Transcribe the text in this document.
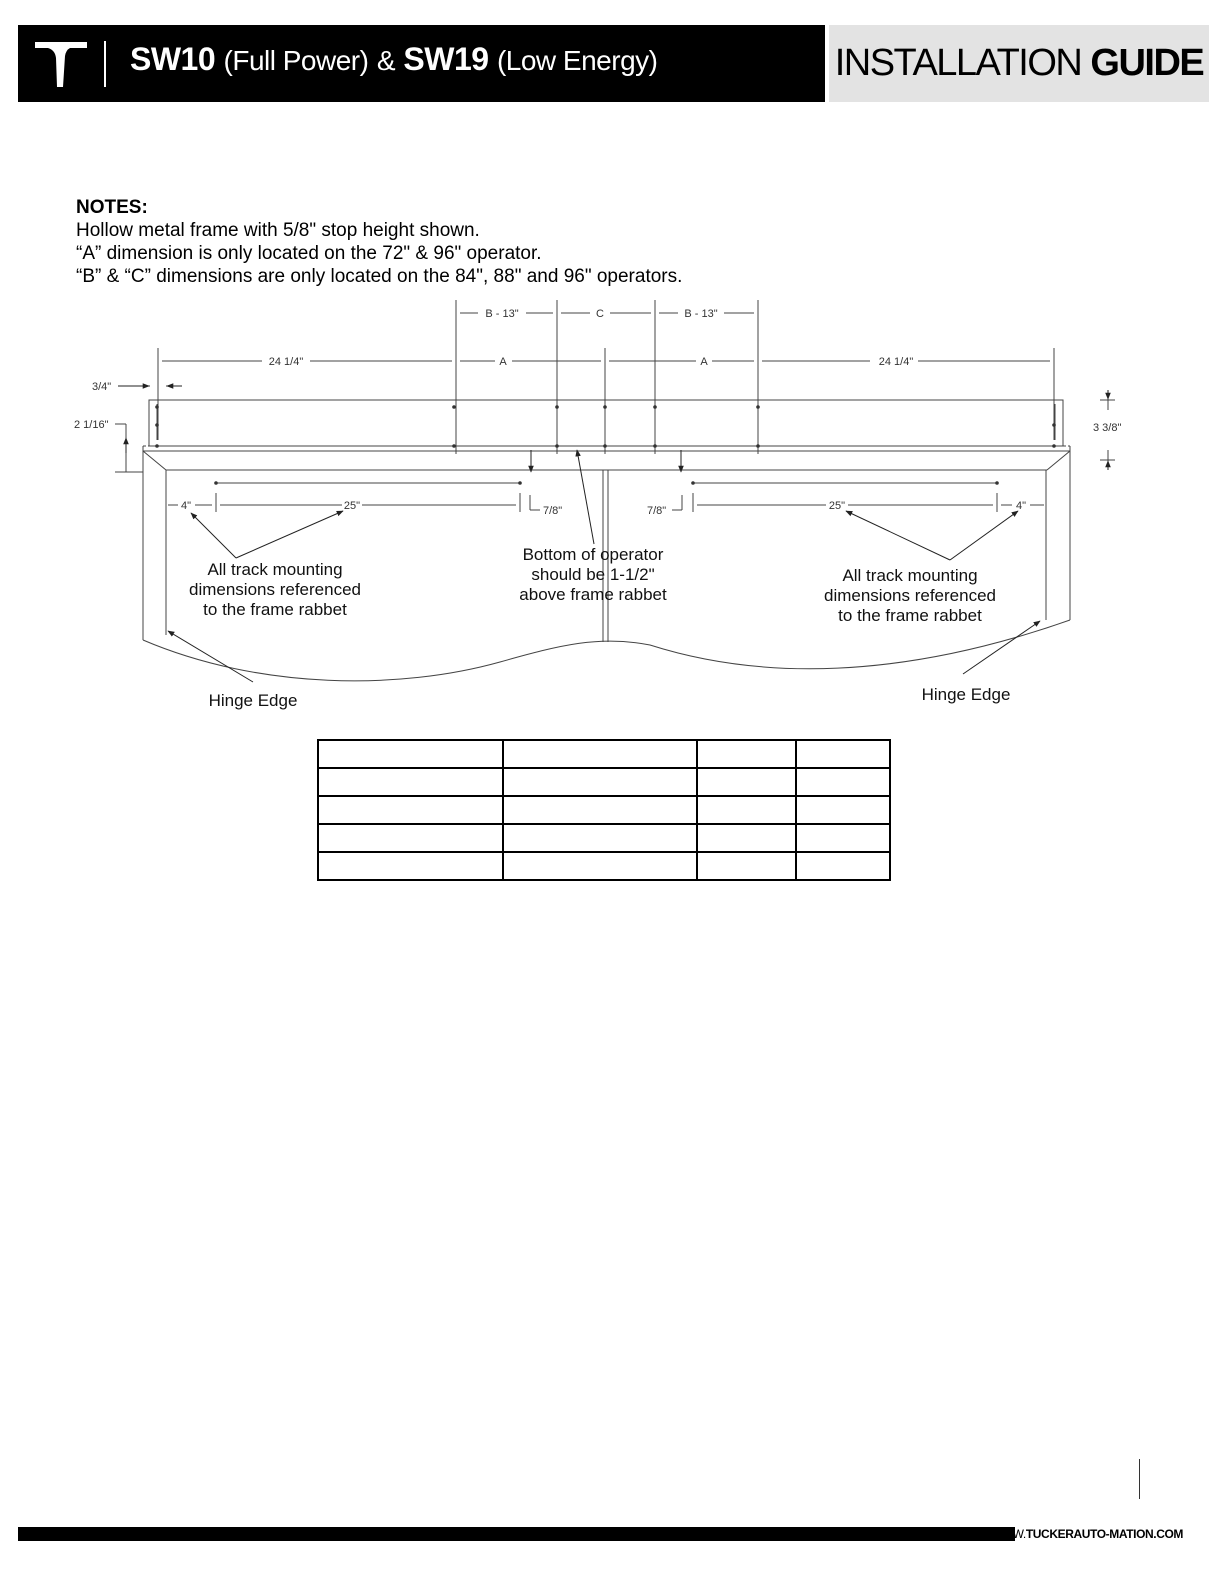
SW10 (Full Power) & SW19 (Low Energy)	INSTALLATION GUIDE
NOTES:
Hollow metal frame with 5/8" stop height shown.
“A” dimension is only located on the 72" & 96" operator.
“B” & “C” dimensions are only located on the 84", 88" and 96" operators.
B - 13"	C	B - 13"
24 1/4"	A	A	24 1/4"
3/4"
2 1/16"	3 3/8"
4"	25"	7/8"	7/8"	25"	4"
All track mounting
dimensions referenced
to the frame rabbet
Bottom of operator
should be 1-1/2"
above frame rabbet
All track mounting
dimensions referenced
to the frame rabbet
Hinge Edge	Hinge Edge

WWW.TUCKERAUTO-MATION.COM
